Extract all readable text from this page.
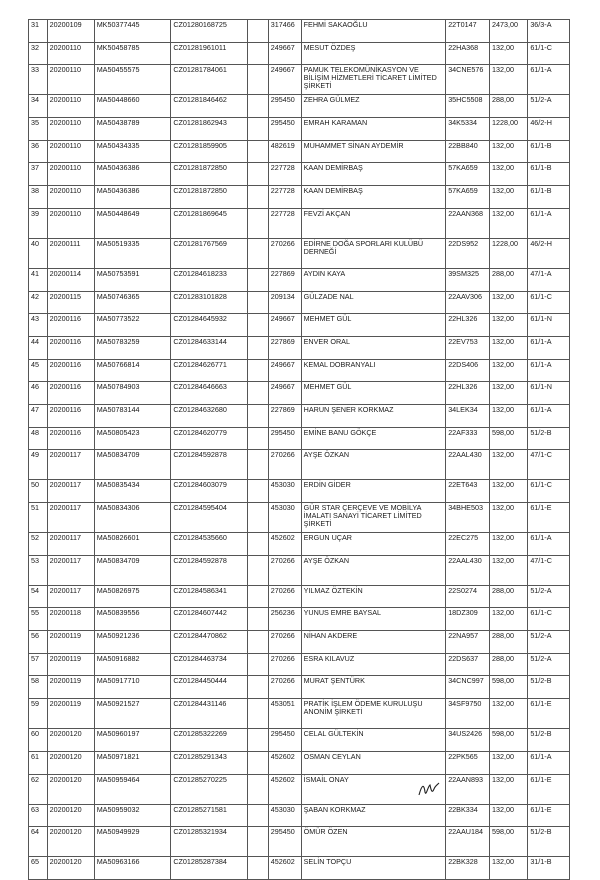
31	20200109	MK50377445	CZ01280168725		317466	FEHMİ SAKAOĞLU	22T0147	2473,00	36/3-A
32	20200110	MK50458785	CZ01281961011		249667	MESUT ÖZDEŞ	22HA368	132,00	61/1-C
33	20200110	MA50455575	CZ01281784061		249667	PAMUK TELEKOMÜNİKASYON VE BİLİŞİM HİZMETLERİ TİCARET LİMİTED ŞİRKETİ	34CNE576	132,00	61/1-A
34	20200110	MA50448660	CZ01281846462		295450	ZEHRA GÜLMEZ	35HC5508	288,00	51/2-A
35	20200110	MA50438789	CZ01281862943		295450	EMRAH KARAMAN	34K5334	1228,00	46/2-H
36	20200110	MA50434335	CZ01281859905		482619	MUHAMMET SİNAN AYDEMİR	22BB840	132,00	61/1-B
37	20200110	MA50436386	CZ01281872850		227728	KAAN DEMİRBAŞ	57KA659	132,00	61/1-B
38	20200110	MA50436386	CZ01281872850		227728	KAAN DEMİRBAŞ	57KA659	132,00	61/1-B
39	20200110	MA50448649	CZ01281869645		227728	FEVZİ AKÇAN	22AAN368	132,00	61/1-A
40	20200111	MA50519335	CZ01281767569		270266	EDİRNE DOĞA SPORLARI KULÜBÜ DERNEĞİ	22DS952	1228,00	46/2-H
41	20200114	MA50753591	CZ01284618233		227869	AYDIN KAYA	39SM325	288,00	47/1-A
42	20200115	MA50746365	CZ01283101828		209134	GÜLZADE NAL	22AAV306	132,00	61/1-C
43	20200116	MA50773522	CZ01284645932		249667	MEHMET GÜL	22HL326	132,00	61/1-N
44	20200116	MA50783259	CZ01284633144		227869	ENVER ORAL	22EV753	132,00	61/1-A
45	20200116	MA50766814	CZ01284626771		249667	KEMAL DOBRANYALI	22DS406	132,00	61/1-A
46	20200116	MA50784903	CZ01284646663		249667	MEHMET GÜL	22HL326	132,00	61/1-N
47	20200116	MA50783144	CZ01284632680		227869	HARUN ŞENER KORKMAZ	34LEK34	132,00	61/1-A
48	20200116	MA50805423	CZ01284620779		295450	EMİNE BANU GÖKÇE	22AF333	598,00	51/2-B
49	20200117	MA50834709	CZ01284592878		270266	AYŞE ÖZKAN	22AAL430	132,00	47/1-C
50	20200117	MA50835434	CZ01284603079		453030	ERDİN GİDER	22ET643	132,00	61/1-C
51	20200117	MA50834306	CZ01284595404		453030	GÜR STAR ÇERÇEVE VE MOBİLYA İMALATI SANAYİ TİCARET LİMİTED ŞİRKETİ	34BHE503	132,00	61/1-E
52	20200117	MA50826601	CZ01284535660		452602	ERGUN UÇAR	22EC275	132,00	61/1-A
53	20200117	MA50834709	CZ01284592878		270266	AYŞE ÖZKAN	22AAL430	132,00	47/1-C
54	20200117	MA50826975	CZ01284586341		270266	YILMAZ ÖZTEKİN	22S0274	288,00	51/2-A
55	20200118	MA50839556	CZ01284607442		256236	YUNUS EMRE BAYSAL	18DZ309	132,00	61/1-C
56	20200119	MA50921236	CZ01284470862		270266	NİHAN AKDERE	22NA957	288,00	51/2-A
57	20200119	MA50916882	CZ01284463734		270266	ESRA KILAVUZ	22DS637	288,00	51/2-A
58	20200119	MA50917710	CZ01284450444		270266	MURAT ŞENTÜRK	34CNC997	598,00	51/2-B
59	20200119	MA50921527	CZ01284431146		453051	PRATİK İŞLEM ÖDEME KURULUŞU ANONİM ŞİRKETİ	34SF9750	132,00	61/1-E
60	20200120	MA50960197	CZ01285322269		295450	CELAL GÜLTEKİN	34US2426	598,00	51/2-B
61	20200120	MA50971821	CZ01285291343		452602	OSMAN CEYLAN	22PK565	132,00	61/1-A
62	20200120	MA50959464	CZ01285270225		452602	İSMAİL ONAY	22AAN893	132,00	61/1-E
63	20200120	MA50959032	CZ01285271581		453030	ŞABAN KORKMAZ	22BK334	132,00	61/1-E
64	20200120	MA50949929	CZ01285321934		295450	ÖMÜR ÖZEN	22AAU184	598,00	51/2-B
65	20200120	MA50963166	CZ01285287384		452602	SELİN TOPÇU	22BK328	132,00	31/1-B
